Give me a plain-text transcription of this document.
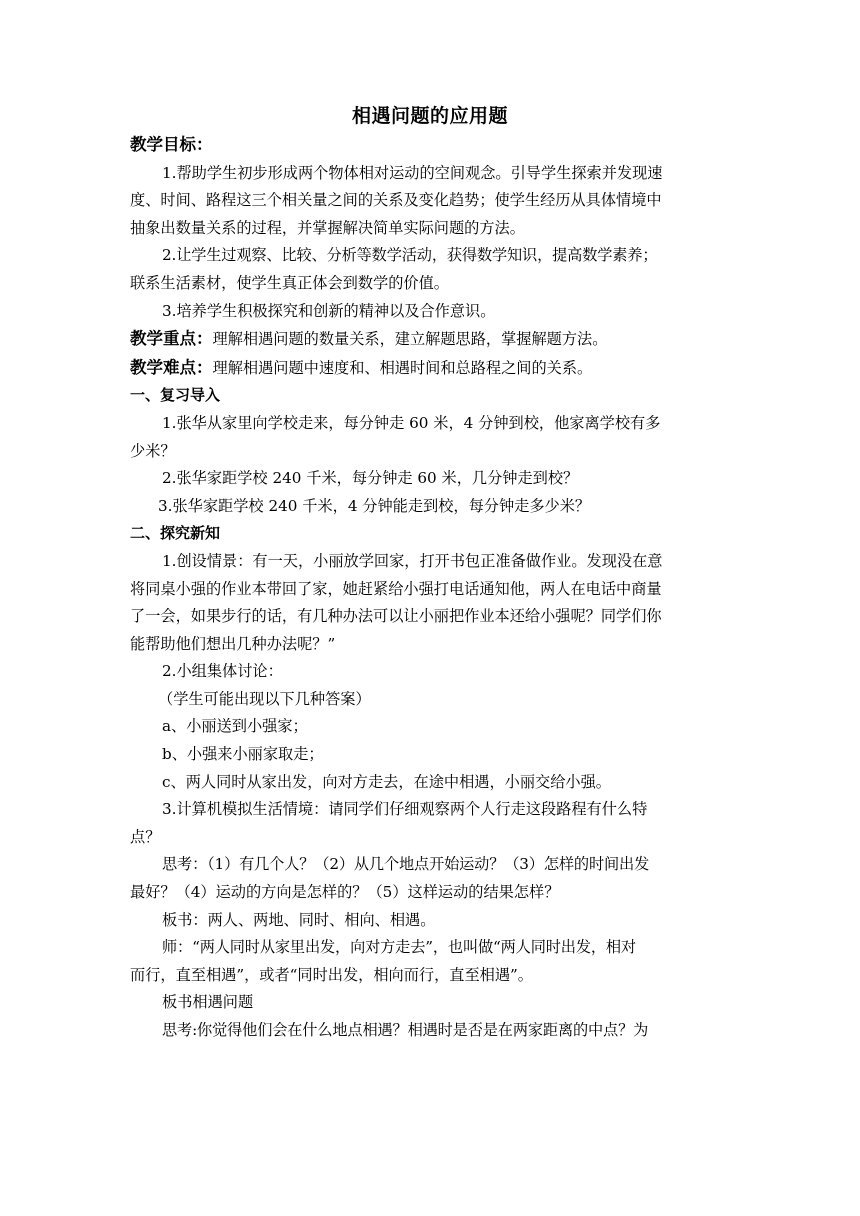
相遇问题的应用题

教学目标：

1.帮助学生初步形成两个物体相对运动的空间观念。引导学生探索并发现速

度、时间、路程这三个相关量之间的关系及变化趋势；使学生经历从具体情境中

抽象出数量关系的过程，并掌握解决简单实际问题的方法。

2.让学生过观察、比较、分析等数学活动，获得数学知识，提高数学素养；

联系生活素材，使学生真正体会到数学的价值。

3.培养学生积极探究和创新的精神以及合作意识。

教学重点：理解相遇问题的数量关系，建立解题思路，掌握解题方法。

教学难点：理解相遇问题中速度和、相遇时间和总路程之间的关系。

一、复习导入

1.张华从家里向学校走来，每分钟走 60 米，4 分钟到校，他家离学校有多

少米？

2.张华家距学校 240 千米，每分钟走 60 米，几分钟走到校？

3.张华家距学校 240 千米，4 分钟能走到校，每分钟走多少米？

二、探究新知

1.创设情景：有一天，小丽放学回家，打开书包正准备做作业。发现没在意

将同桌小强的作业本带回了家，她赶紧给小强打电话通知他，两人在电话中商量

了一会，如果步行的话，有几种办法可以让小丽把作业本还给小强呢？同学们你

能帮助他们想出几种办法呢？”

2.小组集体讨论：

（学生可能出现以下几种答案）

a、小丽送到小强家；

b、小强来小丽家取走；

c、两人同时从家出发，向对方走去，在途中相遇，小丽交给小强。

3.计算机模拟生活情境：请同学们仔细观察两个人行走这段路程有什么特

点？

思考：（1）有几个人？（2）从几个地点开始运动？（3）怎样的时间出发

最好？（4）运动的方向是怎样的？（5）这样运动的结果怎样？

板书：两人、两地、同时、相向、相遇。

师：“两人同时从家里出发，向对方走去”，也叫做“两人同时出发，相对

而行，直至相遇”，或者“同时出发，相向而行，直至相遇”。

板书相遇问题

思考:你觉得他们会在什么地点相遇？相遇时是否是在两家距离的中点？为
